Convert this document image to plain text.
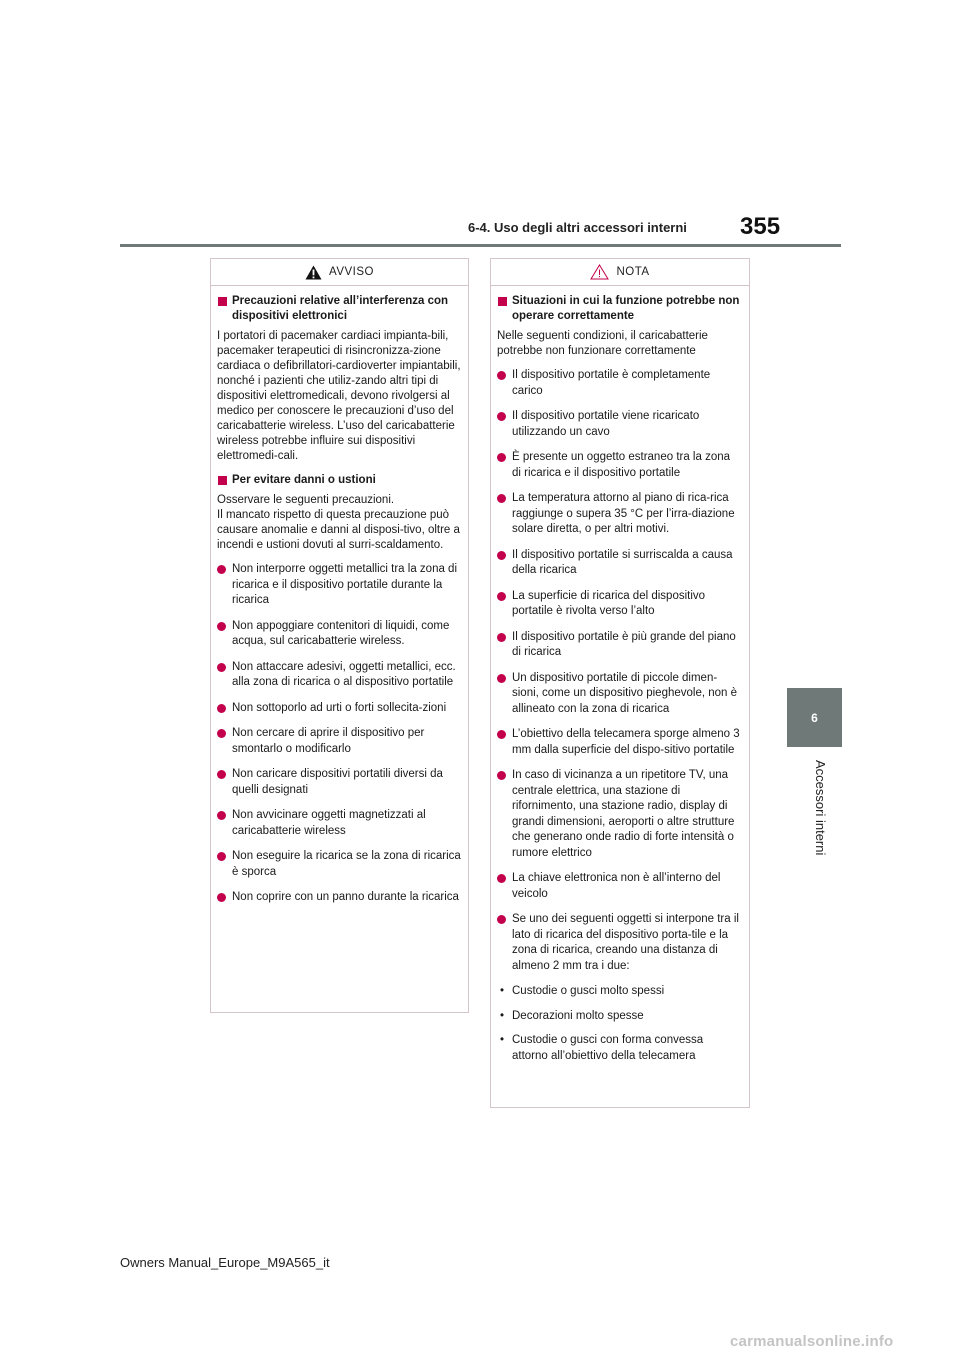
6-4. Uso degli altri accessori interni 355
6
Accessori interni
AVVISO
Precauzioni relative all’interferenza con dispositivi elettronici
I portatori di pacemaker cardiaci impianta-bili, pacemaker terapeutici di risincronizza-zione cardiaca o defibrillatori-cardioverter impiantabili, nonché i pazienti che utiliz-zando altri tipi di dispositivi elettromedicali, devono rivolgersi al medico per conoscere le precauzioni d’uso del caricabatterie wireless. L’uso del caricabatterie wireless potrebbe influire sui dispositivi elettromedi-cali.
Per evitare danni o ustioni
Osservare le seguenti precauzioni.
Il mancato rispetto di questa precauzione può causare anomalie e danni al disposi-tivo, oltre a incendi e ustioni dovuti al surri-scaldamento.
Non interporre oggetti metallici tra la zona di ricarica e il dispositivo portatile durante la ricarica
Non appoggiare contenitori di liquidi, come acqua, sul caricabatterie wireless.
Non attaccare adesivi, oggetti metallici, ecc. alla zona di ricarica o al dispositivo portatile
Non sottoporlo ad urti o forti sollecita-zioni
Non cercare di aprire il dispositivo per smontarlo o modificarlo
Non caricare dispositivi portatili diversi da quelli designati
Non avvicinare oggetti magnetizzati al caricabatterie wireless
Non eseguire la ricarica se la zona di ricarica è sporca
Non coprire con un panno durante la ricarica
NOTA
Situazioni in cui la funzione potrebbe non operare correttamente
Nelle seguenti condizioni, il caricabatterie potrebbe non funzionare correttamente
Il dispositivo portatile è completamente carico
Il dispositivo portatile viene ricaricato utilizzando un cavo
È presente un oggetto estraneo tra la zona di ricarica e il dispositivo portatile
La temperatura attorno al piano di rica-rica raggiunge o supera 35 °C per l’irra-diazione solare diretta, o per altri motivi.
Il dispositivo portatile si surriscalda a causa della ricarica
La superficie di ricarica del dispositivo portatile è rivolta verso l’alto
Il dispositivo portatile è più grande del piano di ricarica
Un dispositivo portatile di piccole dimen-sioni, come un dispositivo pieghevole, non è allineato con la zona di ricarica
L’obiettivo della telecamera sporge almeno 3 mm dalla superficie del dispo-sitivo portatile
In caso di vicinanza a un ripetitore TV, una centrale elettrica, una stazione di rifornimento, una stazione radio, display di grandi dimensioni, aeroporti o altre strutture che generano onde radio di forte intensità o rumore elettrico
La chiave elettronica non è all’interno del veicolo
Se uno dei seguenti oggetti si interpone tra il lato di ricarica del dispositivo porta-tile e la zona di ricarica, creando una distanza di almeno 2 mm tra i due:
• Custodie o gusci molto spessi
• Decorazioni molto spesse
• Custodie o gusci con forma convessa attorno all’obiettivo della telecamera
Owners Manual_Europe_M9A565_it
carmanualsonline.info
